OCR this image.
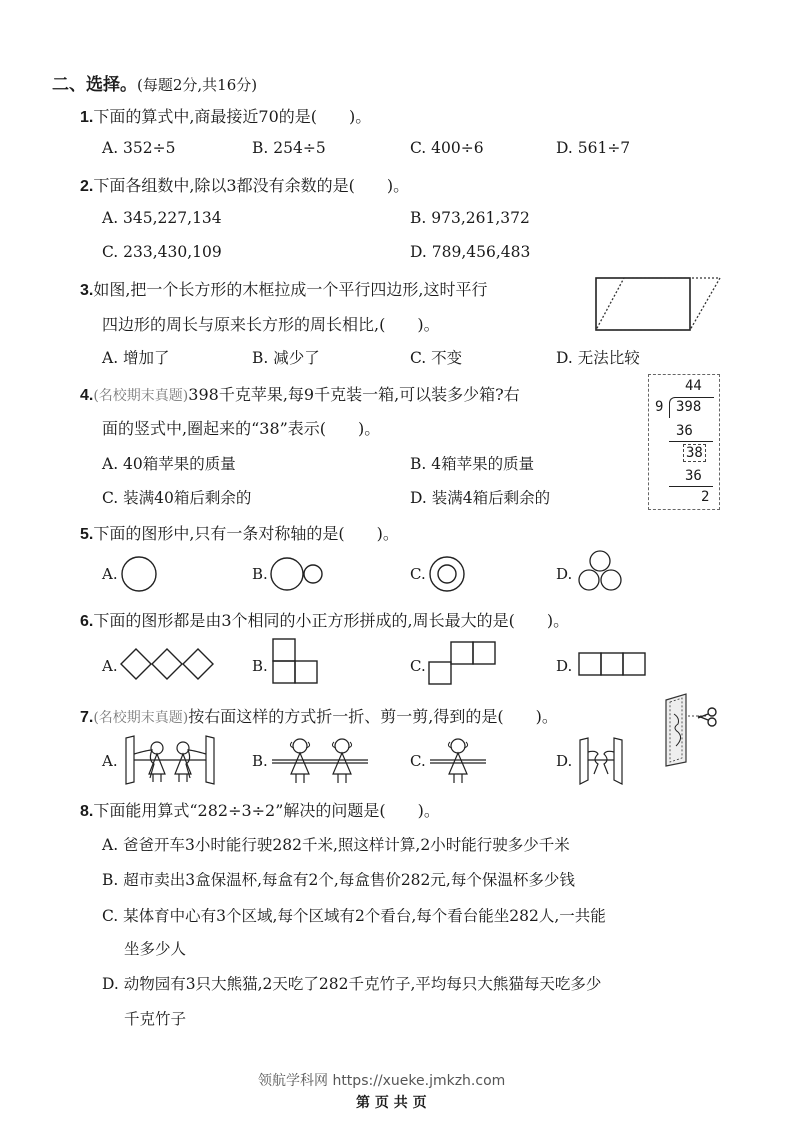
二、选择。(每题2分,共16分)
1.下面的算式中,商最接近70的是(　　)。
A. 352÷5	B. 254÷5	C. 400÷6	D. 561÷7
2.下面各组数中,除以3都没有余数的是(　　)。
A. 345,227,134	B. 973,261,372
C. 233,430,109	D. 789,456,483
3.如图,把一个长方形的木框拉成一个平行四边形,这时平行
四边形的周长与原来长方形的周长相比,(　　)。
A. 增加了	B. 减少了	C. 不变	D. 无法比较
4.(名校期末真题)398千克苹果,每9千克装一箱,可以装多少箱?右
面的竖式中,圈起来的“38”表示(　　)。
A. 40箱苹果的质量	B. 4箱苹果的质量
C. 装满40箱后剩余的	D. 装满4箱后剩余的
44
9 398
36
38
36
2
5.下面的图形中,只有一条对称轴的是(　　)。
A.	B.	C.	D.
6.下面的图形都是由3个相同的小正方形拼成的,周长最大的是(　　)。
A.	B.	C.	D.
7.(名校期末真题)按右面这样的方式折一折、剪一剪,得到的是(　　)。
A.	B.	C.	D.
8.下面能用算式“282÷3÷2”解决的问题是(　　)。
A. 爸爸开车3小时能行驶282千米,照这样计算,2小时能行驶多少千米
B. 超市卖出3盒保温杯,每盒有2个,每盒售价282元,每个保温杯多少钱
C. 某体育中心有3个区域,每个区域有2个看台,每个看台能坐282人,一共能
坐多少人
D. 动物园有3只大熊猫,2天吃了282千克竹子,平均每只大熊猫每天吃多少
千克竹子
领航学科网 https://xueke.jmkzh.com
第 页 共 页
